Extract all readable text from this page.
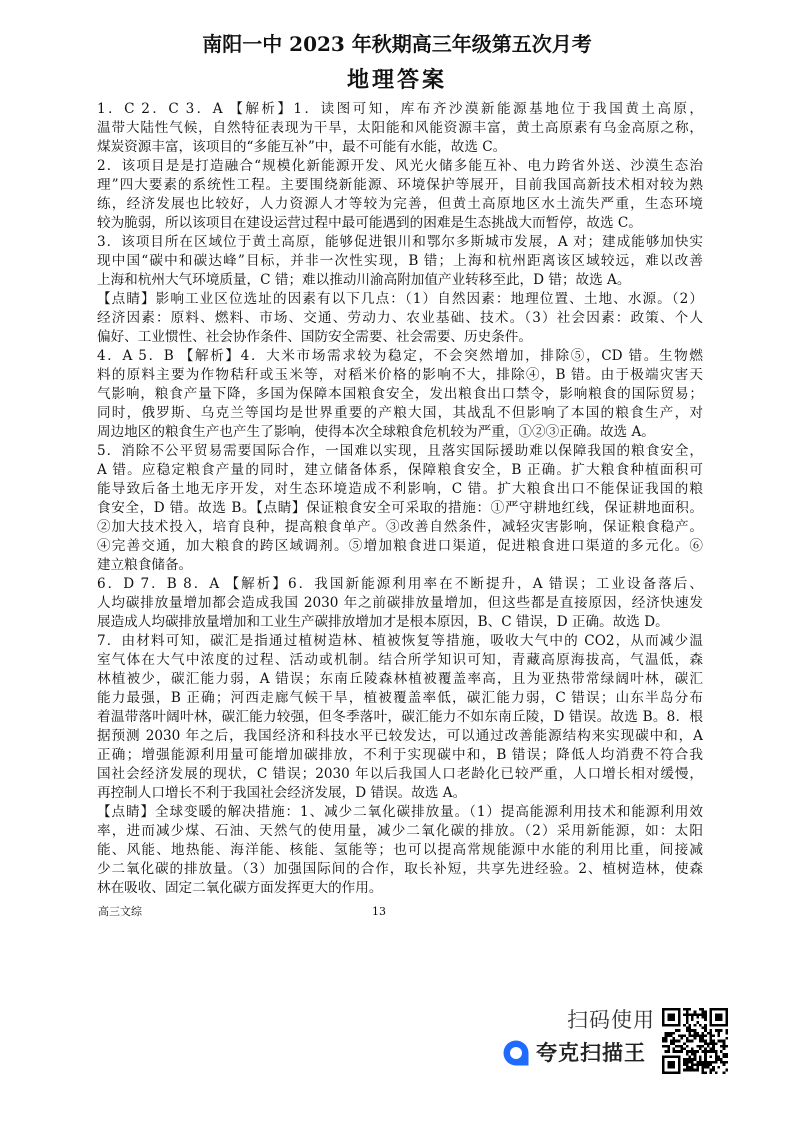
南阳一中 2023 年秋期高三年级第五次月考
地理答案
1．C 2．C 3．A 【解析】1．读图可知，库布齐沙漠新能源基地位于我国黄土高原，
温带大陆性气候，自然特征表现为干旱，太阳能和风能资源丰富，黄土高原素有乌金高原之称，
煤炭资源丰富，该项目的“多能互补”中，最不可能有水能，故选 C。
2．该项目是是打造融合“规模化新能源开发、风光火储多能互补、电力跨省外送、沙漠生态治
理”四大要素的系统性工程。主要围绕新能源、环境保护等展开，目前我国高新技术相对较为熟
练，经济发展也比较好，人力资源人才等较为完善，但黄土高原地区水土流失严重，生态环境
较为脆弱，所以该项目在建设运营过程中最可能遇到的困难是生态挑战大而暂停，故选 C。
3．该项目所在区域位于黄土高原，能够促进银川和鄂尔多斯城市发展，A 对；建成能够加快实
现中国“碳中和碳达峰”目标，并非一次性实现，B 错；上海和杭州距离该区域较远，难以改善
上海和杭州大气环境质量，C 错；难以推动川渝高附加值产业转移至此，D 错；故选 A。
【点睛】影响工业区位选址的因素有以下几点：（1）自然因素：地理位置、土地、水源。（2）
经济因素：原料、燃料、市场、交通、劳动力、农业基础、技术。（3）社会因素：政策、个人
偏好、工业惯性、社会协作条件、国防安全需要、社会需要、历史条件。
4．A 5．B 【解析】4．大米市场需求较为稳定，不会突然增加，排除⑤，CD 错。生物燃
料的原料主要为作物秸秆或玉米等，对稻米价格的影响不大，排除④，B 错。由于极端灾害天
气影响，粮食产量下降，多国为保障本国粮食安全，发出粮食出口禁令，影响粮食的国际贸易；
同时，俄罗斯、乌克兰等国均是世界重要的产粮大国，其战乱不但影响了本国的粮食生产，对
周边地区的粮食生产也产生了影响，使得本次全球粮食危机较为严重，①②③正确。故选 A。
5．消除不公平贸易需要国际合作，一国难以实现，且落实国际援助难以保障我国的粮食安全，
A 错。应稳定粮食产量的同时，建立储备体系，保障粮食安全，B 正确。扩大粮食种植面积可
能导致后备土地无序开发，对生态环境造成不利影响，C 错。扩大粮食出口不能保证我国的粮
食安全，D 错。故选 B。【点睛】保证粮食安全可采取的措施：①严守耕地红线，保证耕地面积。
②加大技术投入，培育良种，提高粮食单产。③改善自然条件，减轻灾害影响，保证粮食稳产。
④完善交通，加大粮食的跨区域调剂。⑤增加粮食进口渠道，促进粮食进口渠道的多元化。⑥
建立粮食储备。
6．D 7．B 8．A 【解析】6．我国新能源利用率在不断提升，A 错误；工业设备落后、
人均碳排放量增加都会造成我国 2030 年之前碳排放量增加，但这些都是直接原因，经济快速发
展造成人均碳排放量增加和工业生产碳排放增加才是根本原因，B、C 错误，D 正确。故选 D。
7．由材料可知，碳汇是指通过植树造林、植被恢复等措施，吸收大气中的 CO2，从而减少温
室气体在大气中浓度的过程、活动或机制。结合所学知识可知，青藏高原海拔高，气温低，森
林植被少，碳汇能力弱，A 错误；东南丘陵森林植被覆盖率高，且为亚热带常绿阔叶林，碳汇
能力最强，B 正确；河西走廊气候干旱，植被覆盖率低，碳汇能力弱，C 错误；山东半岛分布
着温带落叶阔叶林，碳汇能力较强，但冬季落叶，碳汇能力不如东南丘陵，D 错误。故选 B。8．根
据预测 2030 年之后，我国经济和科技水平已较发达，可以通过改善能源结构来实现碳中和，A
正确；增强能源利用量可能增加碳排放，不利于实现碳中和，B 错误；降低人均消费不符合我
国社会经济发展的现状，C 错误；2030 年以后我国人口老龄化已较严重，人口增长相对缓慢，
再控制人口增长不利于我国社会经济发展，D 错误。故选 A。
【点睛】全球变暖的解决措施：1、减少二氧化碳排放量。（1）提高能源利用技术和能源利用效
率，进而减少煤、石油、天然气的使用量，减少二氧化碳的排放。（2）采用新能源，如：太阳
能、风能、地热能、海洋能、核能、氢能等；也可以提高常规能源中水能的利用比重，间接减
少二氧化碳的排放量。（3）加强国际间的合作，取长补短，共享先进经验。2、植树造林，使森
林在吸收、固定二氧化碳方面发挥更大的作用。
高三文综	13
扫码使用
夸克扫描王
